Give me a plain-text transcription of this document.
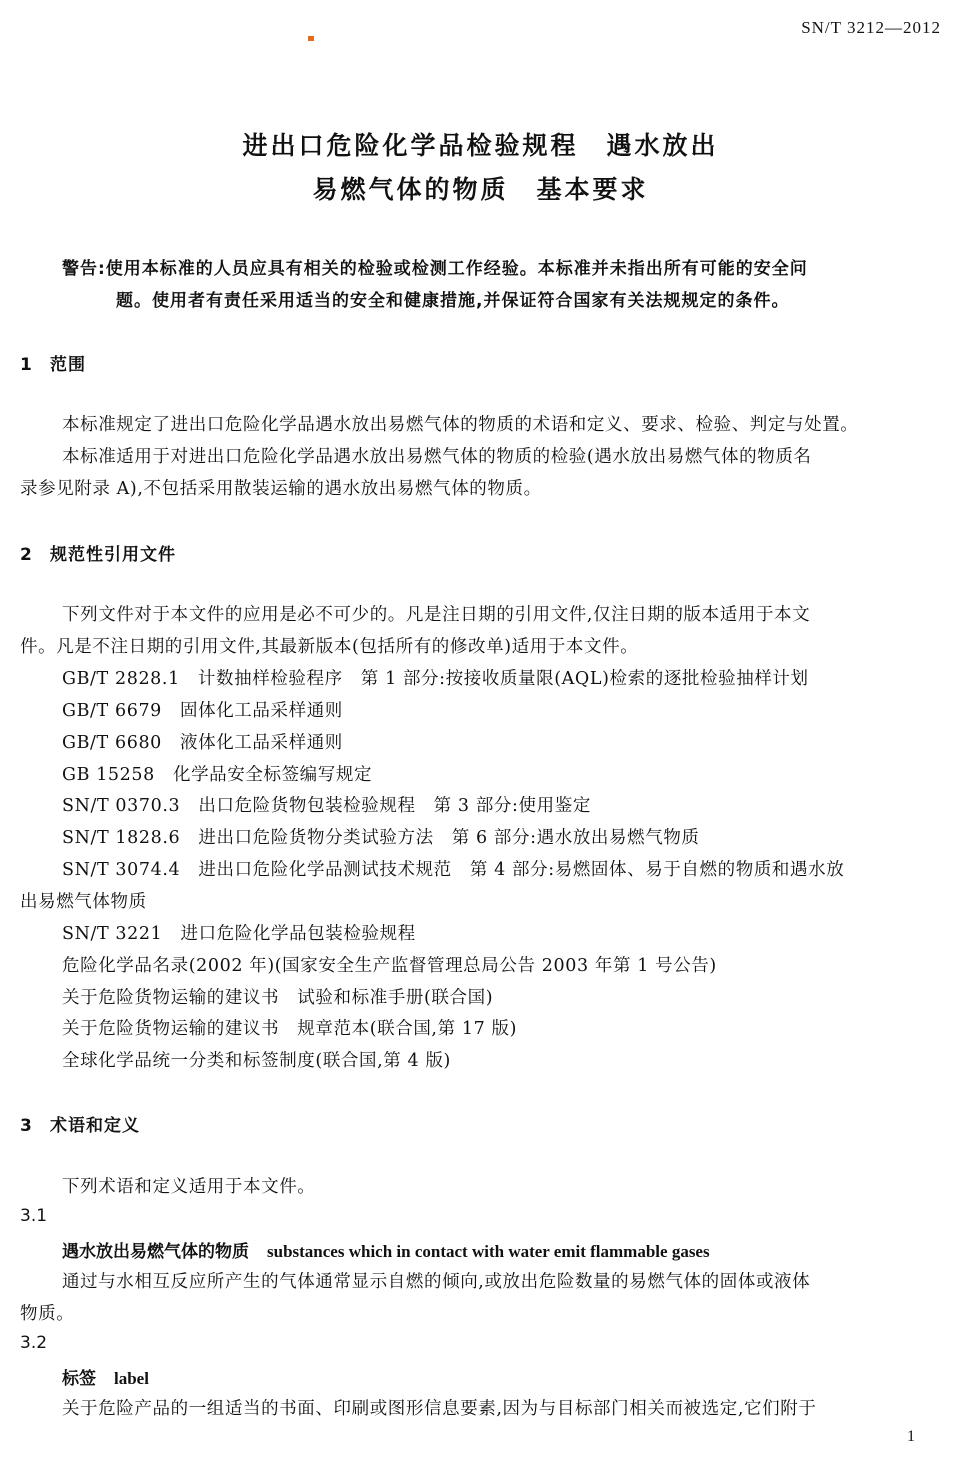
SN/T 3212—2012
进出口危险化学品检验规程　遇水放出
易燃气体的物质　基本要求
警告:使用本标准的人员应具有相关的检验或检测工作经验。本标准并未指出所有可能的安全问
题。使用者有责任采用适当的安全和健康措施,并保证符合国家有关法规规定的条件。
1 范围
本标准规定了进出口危险化学品遇水放出易燃气体的物质的术语和定义、要求、检验、判定与处置。
本标准适用于对进出口危险化学品遇水放出易燃气体的物质的检验(遇水放出易燃气体的物质名
录参见附录 A),不包括采用散装运输的遇水放出易燃气体的物质。
2 规范性引用文件
下列文件对于本文件的应用是必不可少的。凡是注日期的引用文件,仅注日期的版本适用于本文
件。凡是不注日期的引用文件,其最新版本(包括所有的修改单)适用于本文件。
GB/T 2828.1　计数抽样检验程序　第 1 部分:按接收质量限(AQL)检索的逐批检验抽样计划
GB/T 6679　固体化工品采样通则
GB/T 6680　液体化工品采样通则
GB 15258　化学品安全标签编写规定
SN/T 0370.3　出口危险货物包装检验规程　第 3 部分:使用鉴定
SN/T 1828.6　进出口危险货物分类试验方法　第 6 部分:遇水放出易燃气物质
SN/T 3074.4　进出口危险化学品测试技术规范　第 4 部分:易燃固体、易于自燃的物质和遇水放
出易燃气体物质
SN/T 3221　进口危险化学品包装检验规程
危险化学品名录(2002 年)(国家安全生产监督管理总局公告 2003 年第 1 号公告)
关于危险货物运输的建议书　试验和标准手册(联合国)
关于危险货物运输的建议书　规章范本(联合国,第 17 版)
全球化学品统一分类和标签制度(联合国,第 4 版)
3 术语和定义
下列术语和定义适用于本文件。
3.1
遇水放出易燃气体的物质 substances which in contact with water emit flammable gases
通过与水相互反应所产生的气体通常显示自燃的倾向,或放出危险数量的易燃气体的固体或液体
物质。
3.2
标签 label
关于危险产品的一组适当的书面、印刷或图形信息要素,因为与目标部门相关而被选定,它们附于
1
